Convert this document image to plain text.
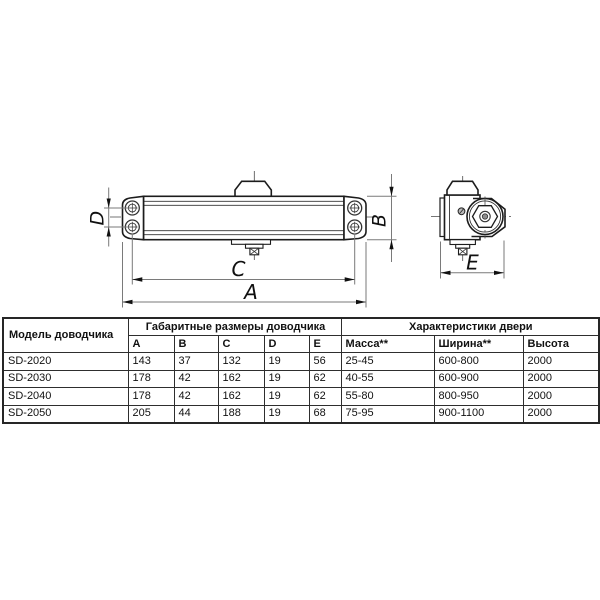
D	B
C
A
E
Модель доводчика	Габаритные размеры доводчика					Характеристики двери		
	A	B	C	D	E	Масса**	Ширина**	Высота
SD-2020	143	37	132	19	56	25-45	600-800	2000
SD-2030	178	42	162	19	62	40-55	600-900	2000
SD-2040	178	42	162	19	62	55-80	800-950	2000
SD-2050	205	44	188	19	68	75-95	900-1100	2000
